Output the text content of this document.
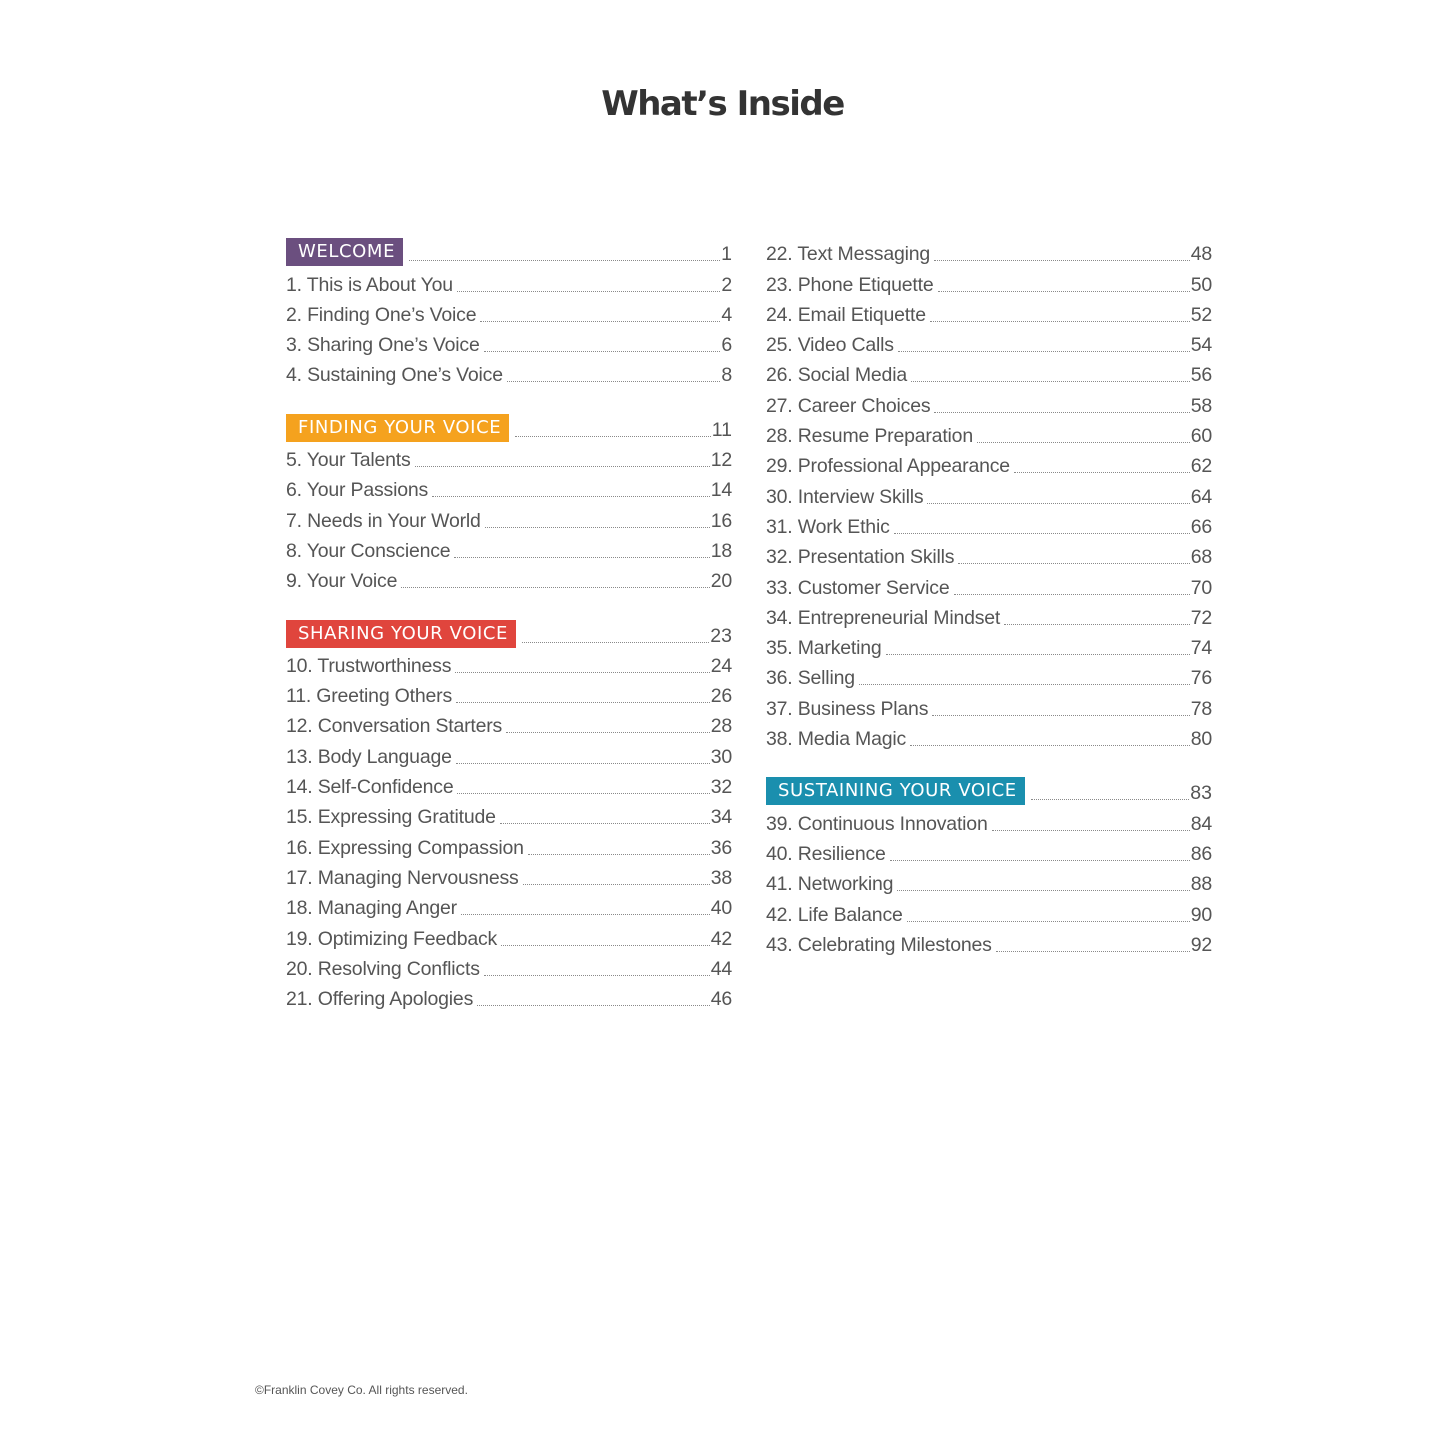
What’s Inside
WELCOME	1
1. This is About You	2
2. Finding One’s Voice	4
3. Sharing One’s Voice	6
4. Sustaining One’s Voice	8
FINDING YOUR VOICE	11
5. Your Talents	12
6. Your Passions	14
7. Needs in Your World	16
8. Your Conscience	18
9. Your Voice	20
SHARING YOUR VOICE	23
10. Trustworthiness	24
11. Greeting Others	26
12. Conversation Starters	28
13. Body Language	30
14. Self-Confidence	32
15. Expressing Gratitude	34
16. Expressing Compassion	36
17. Managing Nervousness	38
18. Managing Anger	40
19. Optimizing Feedback	42
20. Resolving Conflicts	44
21. Offering Apologies	46
22. Text Messaging	48
23. Phone Etiquette	50
24. Email Etiquette	52
25. Video Calls	54
26. Social Media	56
27. Career Choices	58
28. Resume Preparation	60
29. Professional Appearance	62
30. Interview Skills	64
31. Work Ethic	66
32. Presentation Skills	68
33. Customer Service	70
34. Entrepreneurial Mindset	72
35. Marketing	74
36. Selling	76
37. Business Plans	78
38. Media Magic	80
SUSTAINING YOUR VOICE	83
39. Continuous Innovation	84
40. Resilience	86
41. Networking	88
42. Life Balance	90
43. Celebrating Milestones	92
©Franklin Covey Co. All rights reserved.
